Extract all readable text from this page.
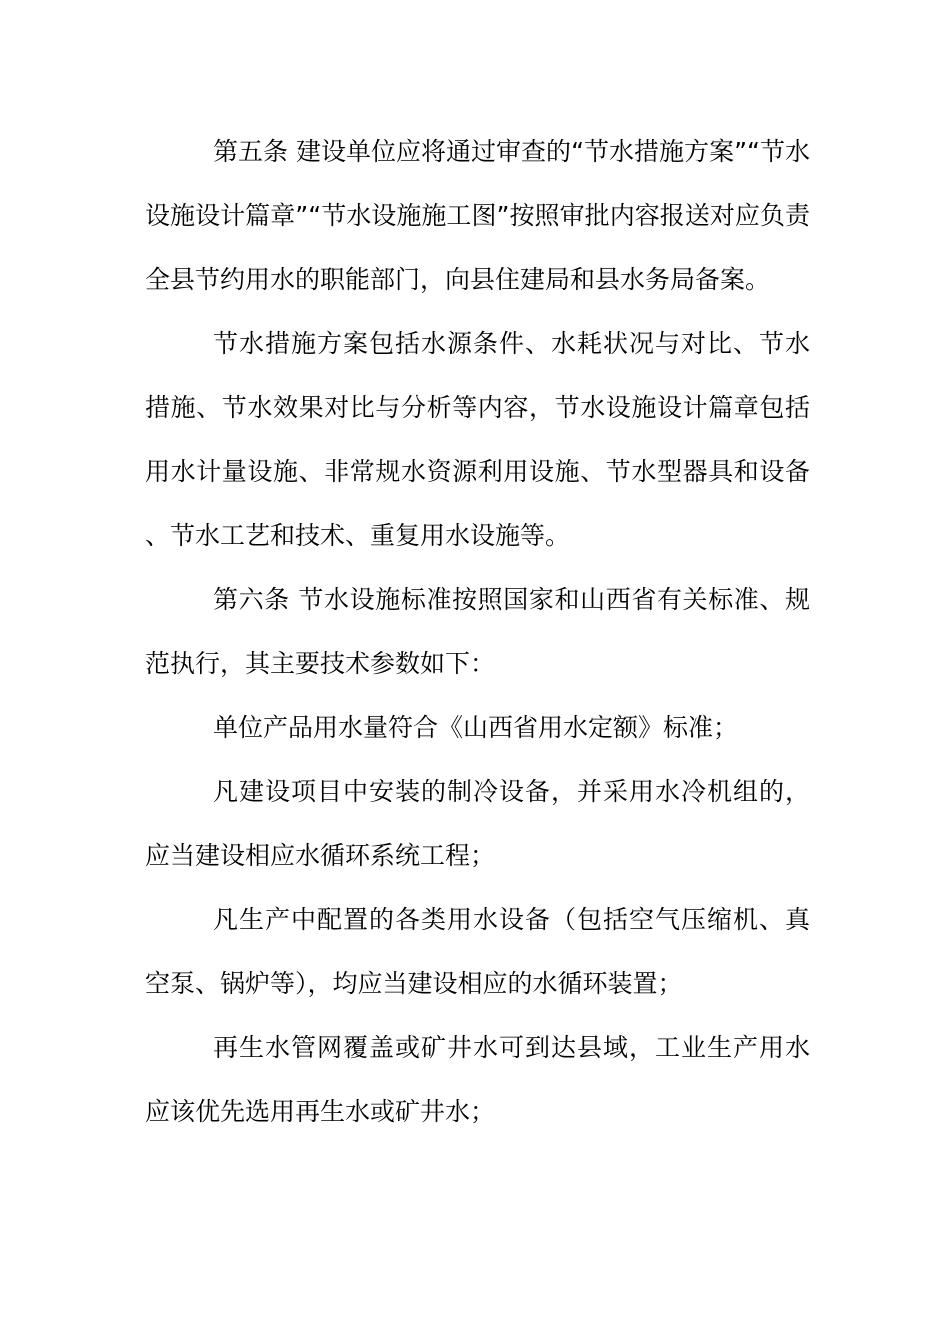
第五条 建设单位应将通过审查的“节水措施方案”“节水设施设计篇章”“节水设施施工图”按照审批内容报送对应负责全县节约用水的职能部门，向县住建局和县水务局备案。

节水措施方案包括水源条件、水耗状况与对比、节水措施、节水效果对比与分析等内容，节水设施设计篇章包括用水计量设施、非常规水资源利用设施、节水型器具和设备、节水工艺和技术、重复用水设施等。

第六条 节水设施标准按照国家和山西省有关标准、规范执行，其主要技术参数如下：

单位产品用水量符合《山西省用水定额》标准；

凡建设项目中安装的制冷设备，并采用水冷机组的，应当建设相应水循环系统工程；

凡生产中配置的各类用水设备（包括空气压缩机、真空泵、锅炉等），均应当建设相应的水循环装置；

再生水管网覆盖或矿井水可到达县域，工业生产用水应该优先选用再生水或矿井水；
